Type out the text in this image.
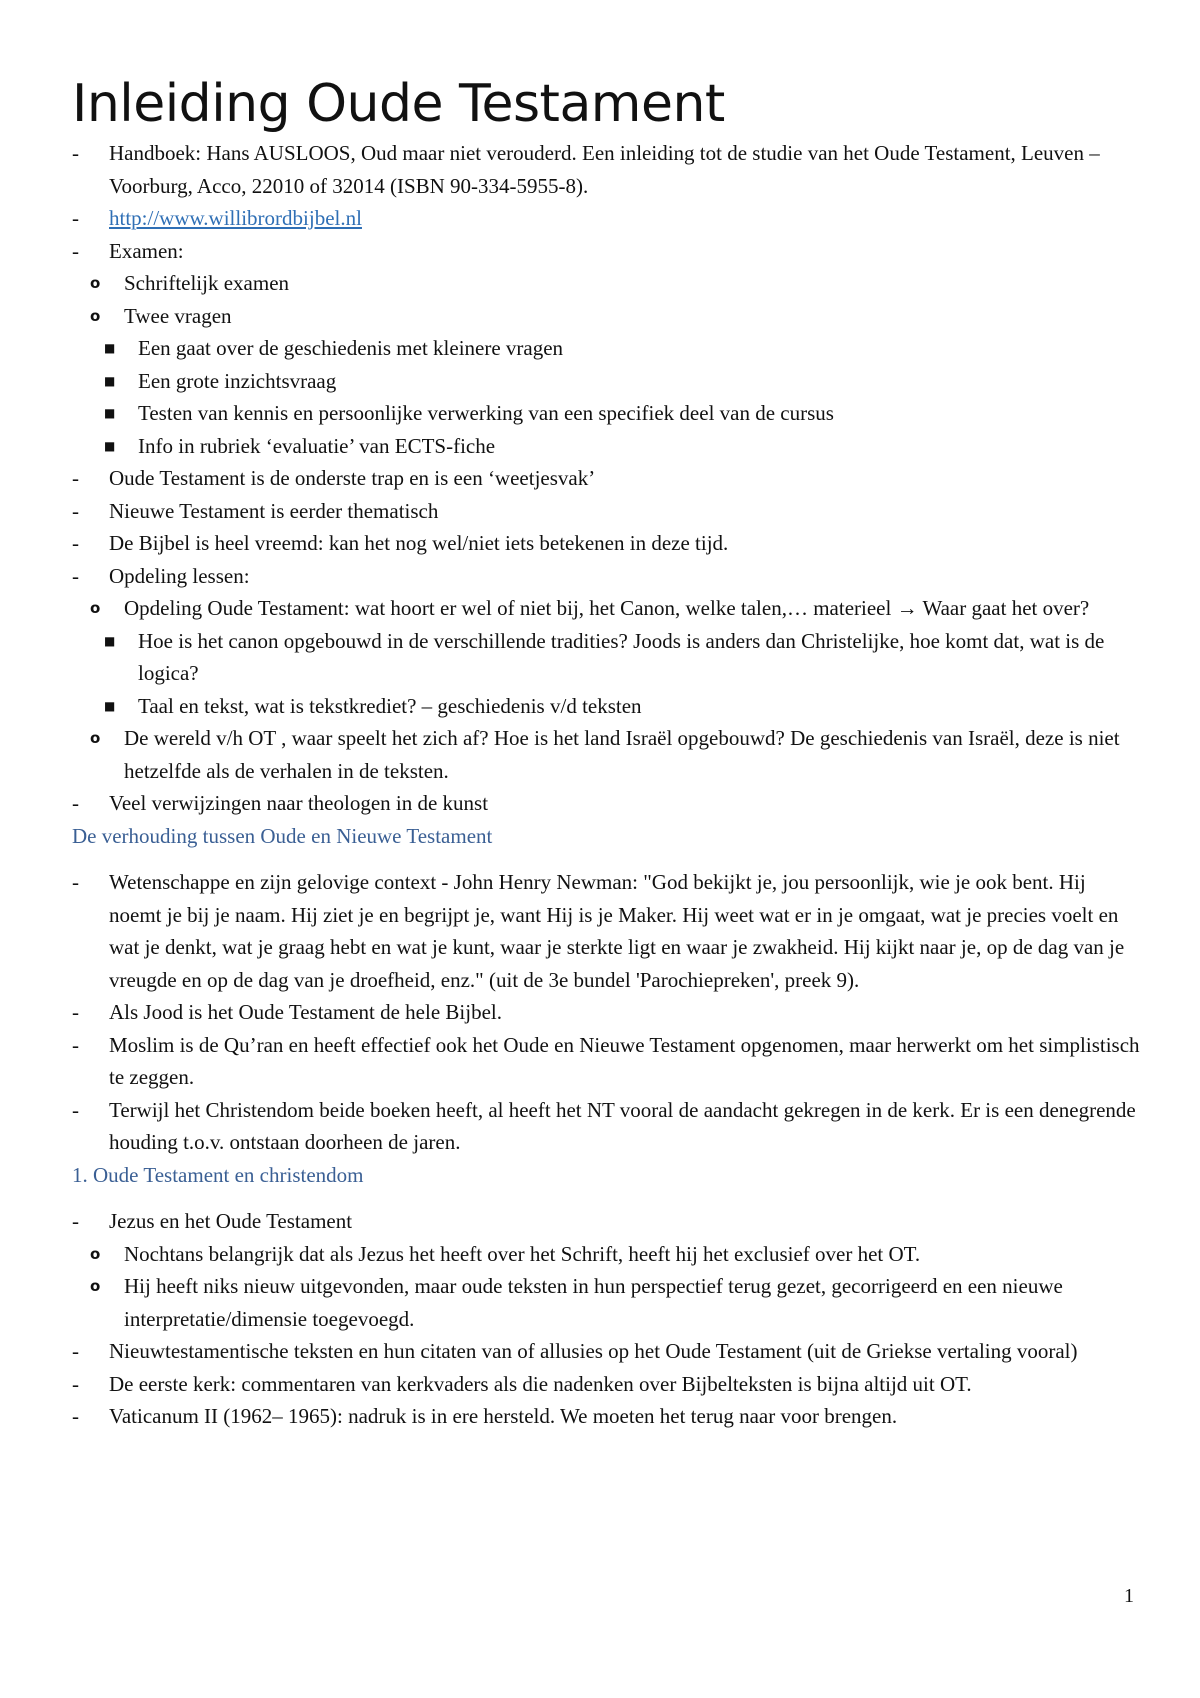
Inleiding Oude Testament
- Handboek: Hans AUSLOOS, Oud maar niet verouderd. Een inleiding tot de studie van het Oude Testament, Leuven – Voorburg, Acco, 22010 of 32014 (ISBN 90-334-5955-8).
- http://www.willibrordbijbel.nl
- Examen:
o Schriftelijk examen
o Twee vragen
■ Een gaat over de geschiedenis met kleinere vragen
■ Een grote inzichtsvraag
■ Testen van kennis en persoonlijke verwerking van een specifiek deel van de cursus
■ Info in rubriek ‘evaluatie’ van ECTS-fiche
- Oude Testament is de onderste trap en is een ‘weetjesvak’
- Nieuwe Testament is eerder thematisch
- De Bijbel is heel vreemd: kan het nog wel/niet iets betekenen in deze tijd.
- Opdeling lessen:
o Opdeling Oude Testament: wat hoort er wel of niet bij, het Canon, welke talen,… materieel → Waar gaat het over?
■ Hoe is het canon opgebouwd in de verschillende tradities? Joods is anders dan Christelijke, hoe komt dat, wat is de logica?
■ Taal en tekst, wat is tekstkrediet? – geschiedenis v/d teksten
o De wereld v/h OT , waar speelt het zich af? Hoe is het land Israël opgebouwd? De geschiedenis van Israël, deze is niet hetzelfde als de verhalen in de teksten.
- Veel verwijzingen naar theologen in de kunst
De verhouding tussen Oude en Nieuwe Testament
- Wetenschappe en zijn gelovige context - John Henry Newman: "God bekijkt je, jou persoonlijk, wie je ook bent. Hij noemt je bij je naam. Hij ziet je en begrijpt je, want Hij is je Maker. Hij weet wat er in je omgaat, wat je precies voelt en wat je denkt, wat je graag hebt en wat je kunt, waar je sterkte ligt en waar je zwakheid. Hij kijkt naar je, op de dag van je vreugde en op de dag van je droefheid, enz." (uit de 3e bundel 'Parochiepreken', preek 9).
- Als Jood is het Oude Testament de hele Bijbel.
- Moslim is de Qu’ran en heeft effectief ook het Oude en Nieuwe Testament opgenomen, maar herwerkt om het simplistisch te zeggen.
- Terwijl het Christendom beide boeken heeft, al heeft het NT vooral de aandacht gekregen in de kerk. Er is een denegrende houding t.o.v. ontstaan doorheen de jaren.
1. Oude Testament en christendom
- Jezus en het Oude Testament
o Nochtans belangrijk dat als Jezus het heeft over het Schrift, heeft hij het exclusief over het OT.
o Hij heeft niks nieuw uitgevonden, maar oude teksten in hun perspectief terug gezet, gecorrigeerd en een nieuwe interpretatie/dimensie toegevoegd.
- Nieuwtestamentische teksten en hun citaten van of allusies op het Oude Testament (uit de Griekse vertaling vooral)
- De eerste kerk: commentaren van kerkvaders als die nadenken over Bijbelteksten is bijna altijd uit OT.
- Vaticanum II (1962– 1965): nadruk is in ere hersteld. We moeten het terug naar voor brengen.
1
